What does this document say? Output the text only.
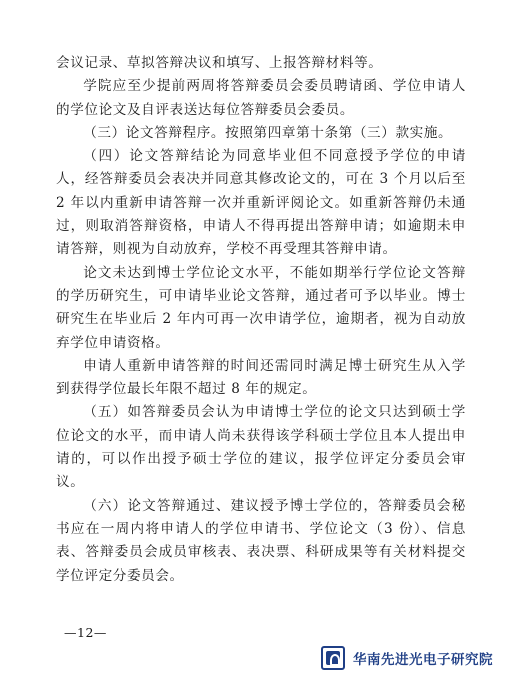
会议记录、草拟答辩决议和填写、上报答辩材料等。

学院应至少提前两周将答辩委员会委员聘请函、学位申请人的学位论文及自评表送达每位答辩委员会委员。

（三）论文答辩程序。按照第四章第十条第（三）款实施。

（四）论文答辩结论为同意毕业但不同意授予学位的申请人，经答辩委员会表决并同意其修改论文的，可在 3 个月以后至 2 年以内重新申请答辩一次并重新评阅论文。如重新答辩仍未通过，则取消答辩资格，申请人不得再提出答辩申请；如逾期未申请答辩，则视为自动放弃，学校不再受理其答辩申请。

论文未达到博士学位论文水平，不能如期举行学位论文答辩的学历研究生，可申请毕业论文答辩，通过者可予以毕业。博士研究生在毕业后 2 年内可再一次申请学位，逾期者，视为自动放弃学位申请资格。

申请人重新申请答辩的时间还需同时满足博士研究生从入学到获得学位最长年限不超过 8 年的规定。

（五）如答辩委员会认为申请博士学位的论文只达到硕士学位论文的水平，而申请人尚未获得该学科硕士学位且本人提出申请的，可以作出授予硕士学位的建议，报学位评定分委员会审议。

（六）论文答辩通过、建议授予博士学位的，答辩委员会秘书应在一周内将申请人的学位申请书、学位论文（3 份）、信息表、答辩委员会成员审核表、表决票、科研成果等有关材料提交学位评定分委员会。

—12—
华南先进光电子研究院
